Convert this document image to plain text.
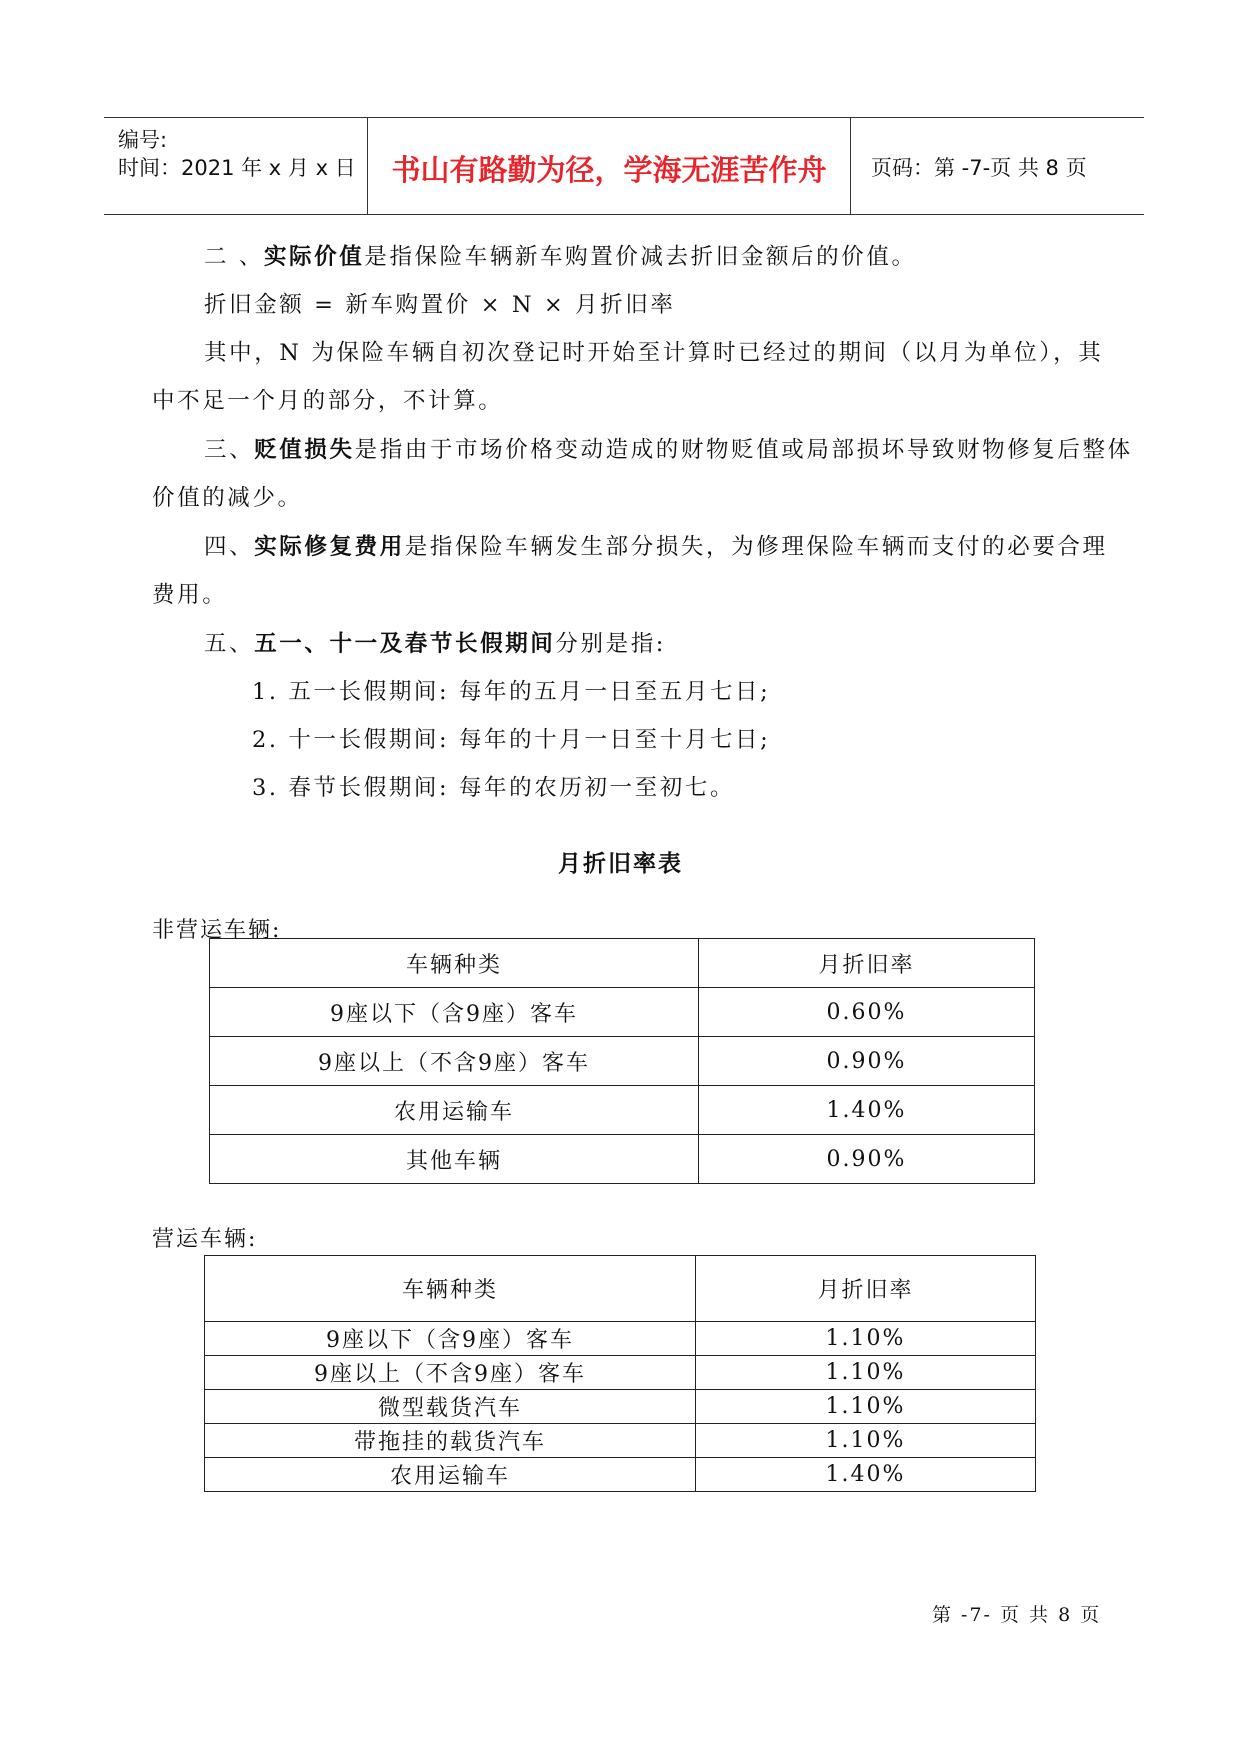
编号:
时间：2021 年 x 月 x 日	书山有路勤为径，学海无涯苦作舟	页码：第 -7-页 共 8 页
二 、实际价值是指保险车辆新车购置价减去折旧金额后的价值。
折旧金额 = 新车购置价 × N × 月折旧率
其中，N 为保险车辆自初次登记时开始至计算时已经过的期间（以月为单位），其
中不足一个月的部分，不计算。
三、贬值损失是指由于市场价格变动造成的财物贬值或局部损坏导致财物修复后整体
价值的减少。
四、实际修复费用是指保险车辆发生部分损失，为修理保险车辆而支付的必要合理
费用。
五、五一、十一及春节长假期间分别是指:
1. 五一长假期间: 每年的五月一日至五月七日;
2. 十一长假期间: 每年的十月一日至十月七日;
3. 春节长假期间: 每年的农历初一至初七。
月折旧率表
非营运车辆:
车辆种类	月折旧率
9座以下（含9座）客车	0.60%
9座以上（不含9座）客车	0.90%
农用运输车	1.40%
其他车辆	0.90%
营运车辆:
车辆种类	月折旧率
9座以下（含9座）客车	1.10%
9座以上（不含9座）客车	1.10%
微型载货汽车	1.10%
带拖挂的载货汽车	1.10%
农用运输车	1.40%
第 -7- 页 共 8 页
